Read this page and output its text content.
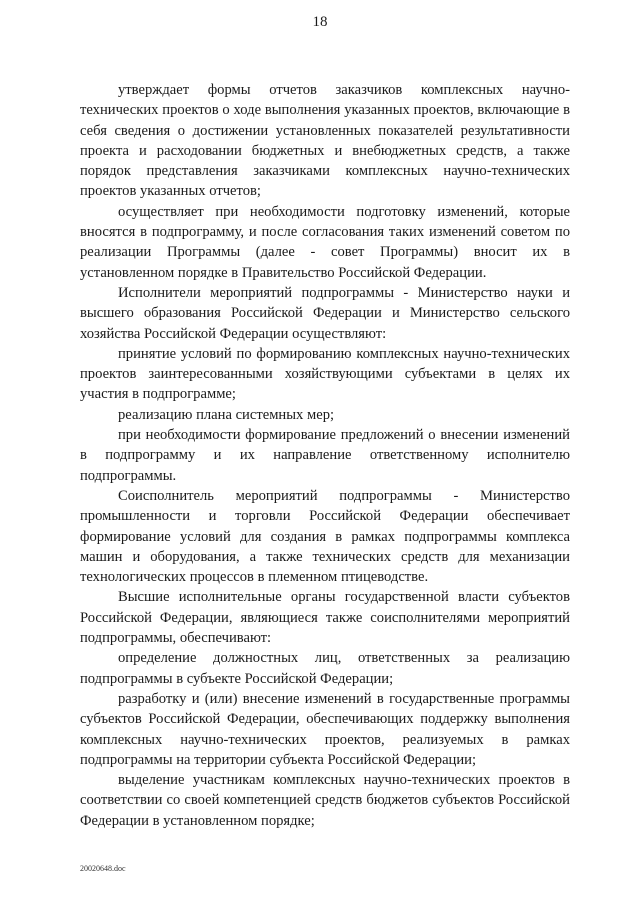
18

утверждает формы отчетов заказчиков комплексных научно-технических проектов о ходе выполнения указанных проектов, включающие в себя сведения о достижении установленных показателей результативности проекта и расходовании бюджетных и внебюджетных средств, а также порядок представления заказчиками комплексных научно-технических проектов указанных отчетов;

осуществляет при необходимости подготовку изменений, которые вносятся в подпрограмму, и после согласования таких изменений советом по реализации Программы (далее - совет Программы) вносит их в установленном порядке в Правительство Российской Федерации.

Исполнители мероприятий подпрограммы - Министерство науки и высшего образования Российской Федерации и Министерство сельского хозяйства Российской Федерации осуществляют:

принятие условий по формированию комплексных научно-технических проектов заинтересованными хозяйствующими субъектами в целях их участия в подпрограмме;

реализацию плана системных мер;

при необходимости формирование предложений о внесении изменений в подпрограмму и их направление ответственному исполнителю подпрограммы.

Соисполнитель мероприятий подпрограммы - Министерство промышленности и торговли Российской Федерации обеспечивает формирование условий для создания в рамках подпрограммы комплекса машин и оборудования, а также технических средств для механизации технологических процессов в племенном птицеводстве.

Высшие исполнительные органы государственной власти субъектов Российской Федерации, являющиеся также соисполнителями мероприятий подпрограммы, обеспечивают:

определение должностных лиц, ответственных за реализацию подпрограммы в субъекте Российской Федерации;

разработку и (или) внесение изменений в государственные программы субъектов Российской Федерации, обеспечивающих поддержку выполнения комплексных научно-технических проектов, реализуемых в рамках подпрограммы на территории субъекта Российской Федерации;

выделение участникам комплексных научно-технических проектов в соответствии со своей компетенцией средств бюджетов субъектов Российской Федерации в установленном порядке;

20020648.doc
